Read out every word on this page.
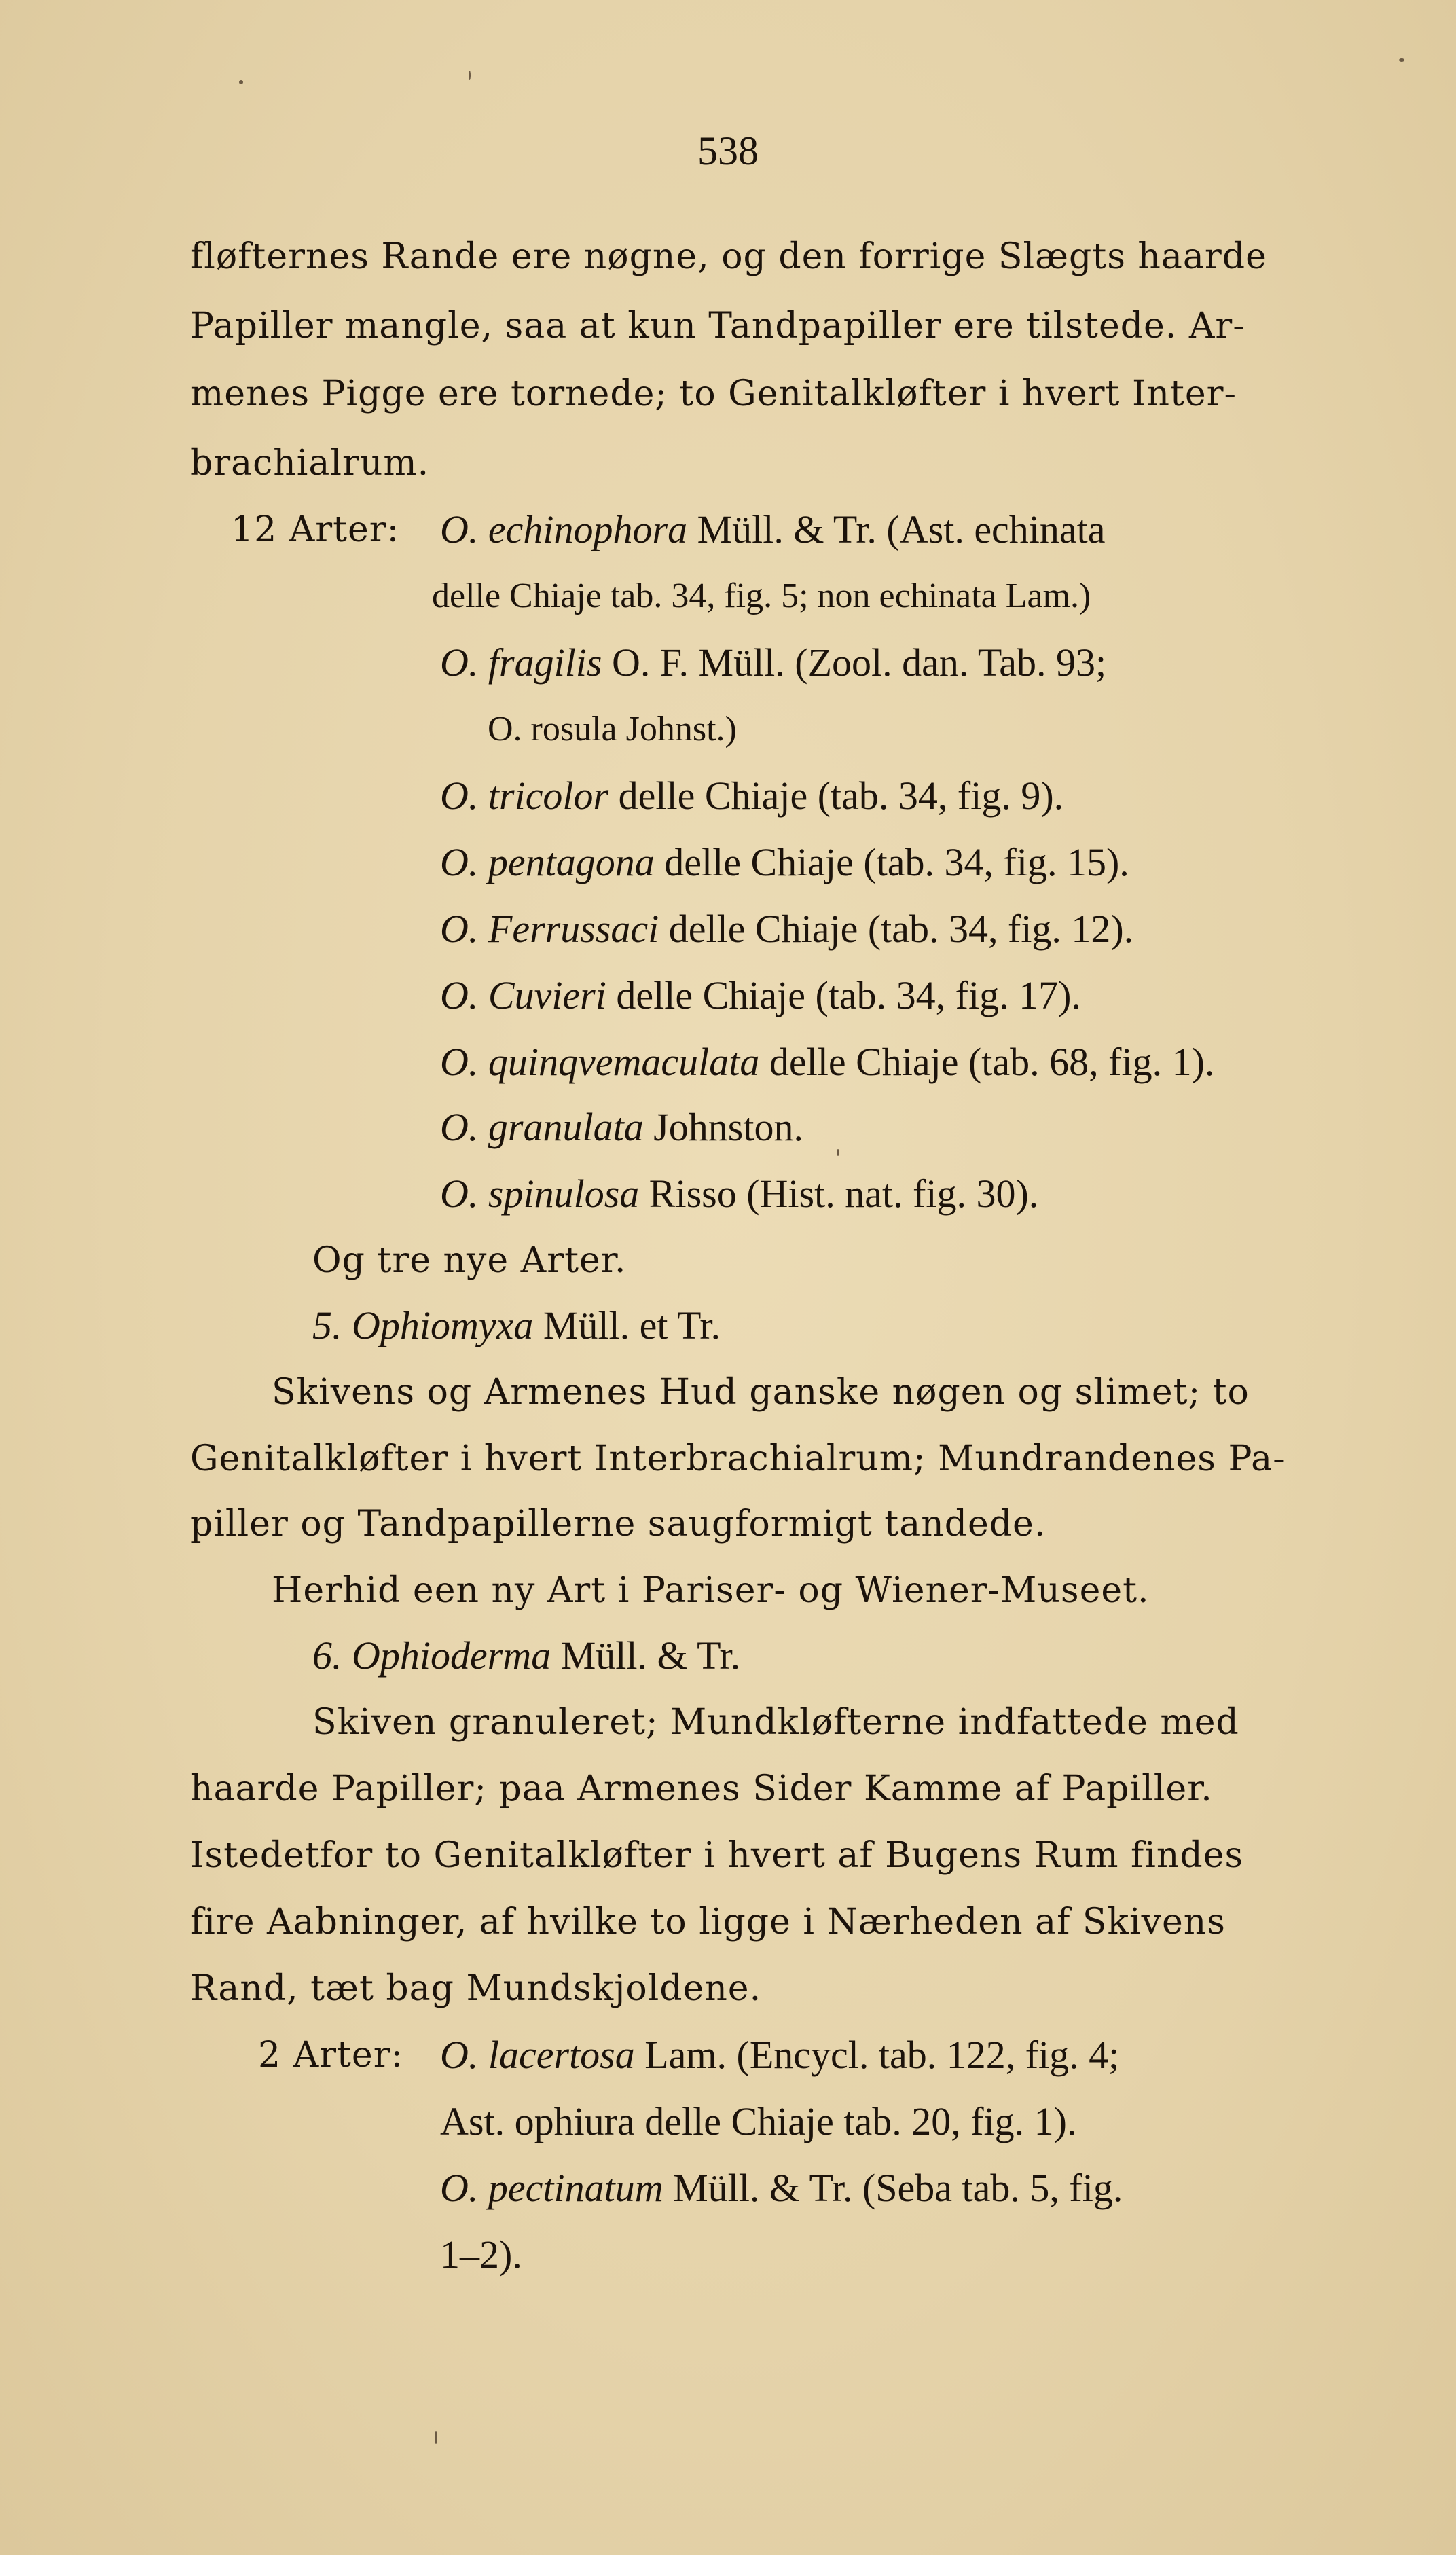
538
fløfternes Rande ere nøgne, og den forrige Slægts haarde
Papiller mangle, saa at kun Tandpapiller ere tilstede. Ar-
menes Pigge ere tornede; to Genitalkløfter i hvert Inter-
brachialrum.
12 Arter: O. echinophora Müll. & Tr. (Ast. echinata
delle Chiaje tab. 34, fig. 5; non echinata Lam.)
O. fragilis O. F. Müll. (Zool. dan. Tab. 93;
O. rosula Johnst.)
O. tricolor delle Chiaje (tab. 34, fig. 9).
O. pentagona delle Chiaje (tab. 34, fig. 15).
O. Ferrussaci delle Chiaje (tab. 34, fig. 12).
O. Cuvieri delle Chiaje (tab. 34, fig. 17).
O. quinqvemaculata delle Chiaje (tab. 68, fig. 1).
O. granulata Johnston.
O. spinulosa Risso (Hist. nat. fig. 30).
Og tre nye Arter.
5. Ophiomyxa Müll. et Tr.
Skivens og Armenes Hud ganske nøgen og slimet; to
Genitalkløfter i hvert Interbrachialrum; Mundrandenes Pa-
piller og Tandpapillerne saugformigt tandede.
Herhid een ny Art i Pariser- og Wiener-Museet.
6. Ophioderma Müll. & Tr.
Skiven granuleret; Mundkløfterne indfattede med
haarde Papiller; paa Armenes Sider Kamme af Papiller.
Istedetfor to Genitalkløfter i hvert af Bugens Rum findes
fire Aabninger, af hvilke to ligge i Nærheden af Skivens
Rand, tæt bag Mundskjoldene.
2 Arter: O. lacertosa Lam. (Encycl. tab. 122, fig. 4;
Ast. ophiura delle Chiaje tab. 20, fig. 1).
O. pectinatum Müll. & Tr. (Seba tab. 5, fig.
1–2).
